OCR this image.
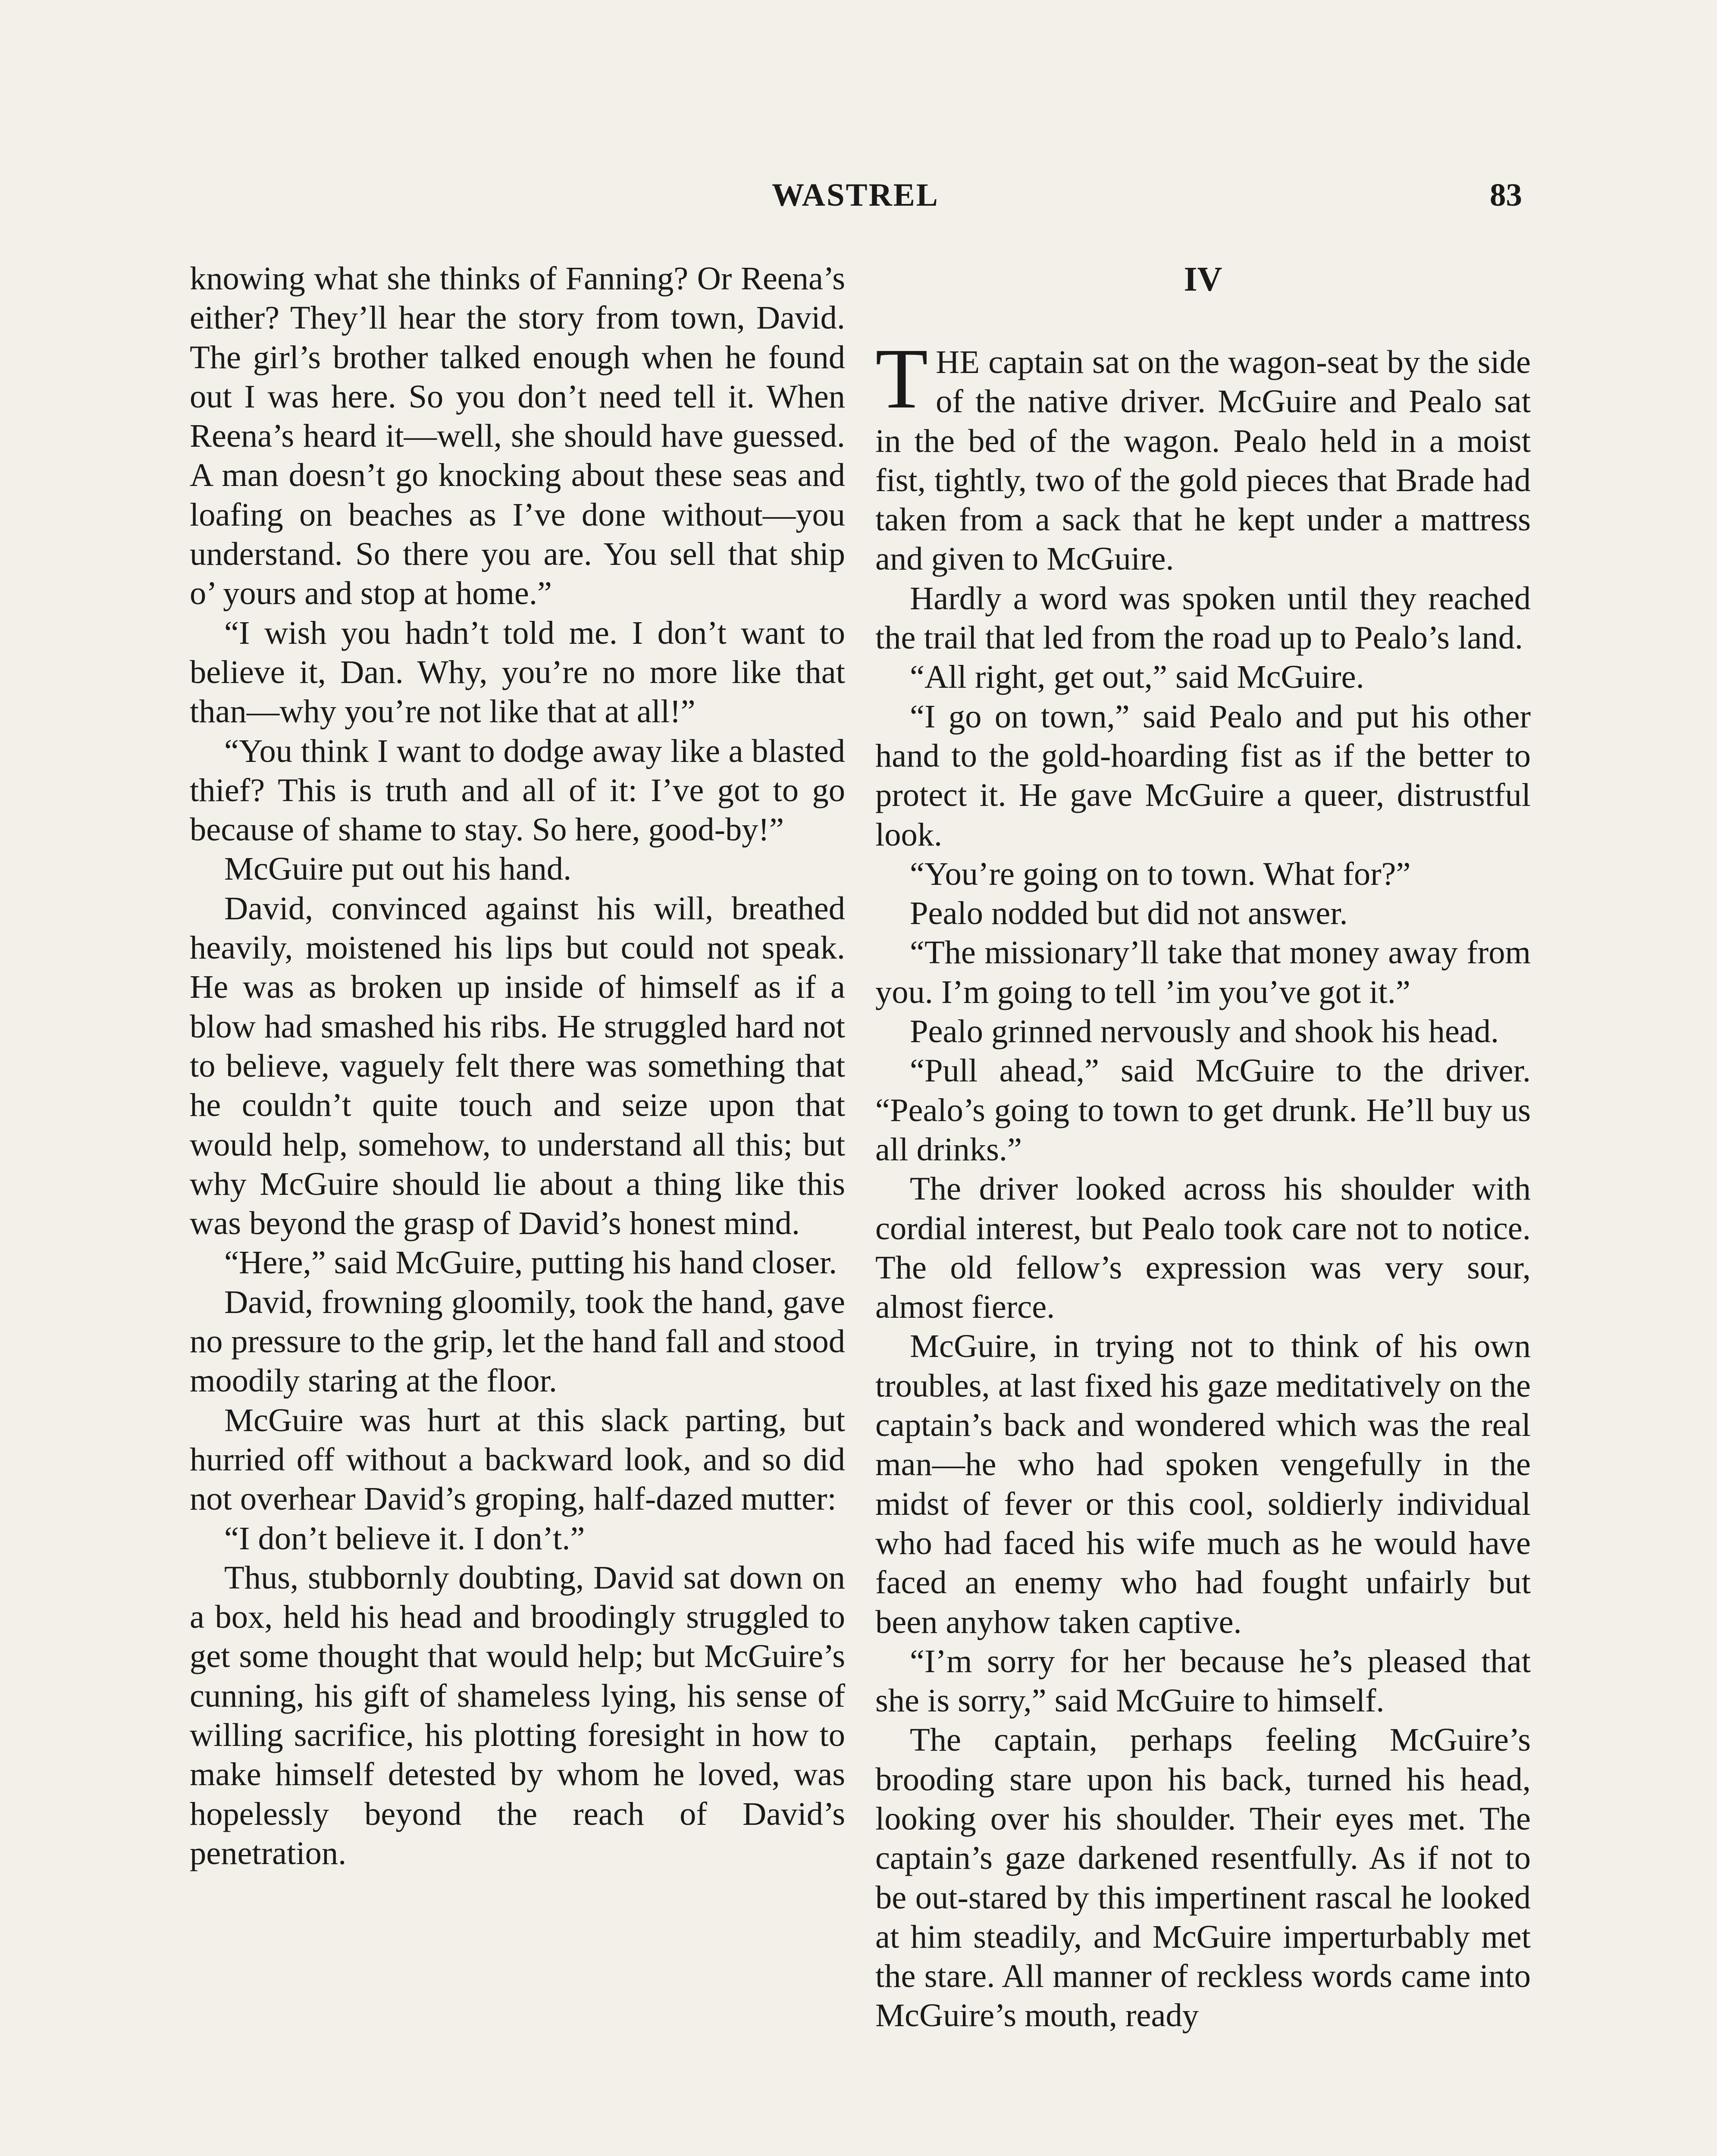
WASTREL	83

knowing what she thinks of Fanning? Or Reena’s either? They’ll hear the story from town, David. The girl’s brother talked enough when he found out I was here. So you don’t need tell it. When Reena’s heard it—well, she should have guessed. A man doesn’t go knocking about these seas and loafing on beaches as I’ve done without—you understand. So there you are. You sell that ship o’ yours and stop at home.”

“I wish you hadn’t told me. I don’t want to believe it, Dan. Why, you’re no more like that than—why you’re not like that at all!”

“You think I want to dodge away like a blasted thief? This is truth and all of it: I’ve got to go because of shame to stay. So here, good-by!”

McGuire put out his hand.

David, convinced against his will, breathed heavily, moistened his lips but could not speak. He was as broken up inside of himself as if a blow had smashed his ribs. He struggled hard not to believe, vaguely felt there was something that he couldn’t quite touch and seize upon that would help, somehow, to understand all this; but why McGuire should lie about a thing like this was beyond the grasp of David’s honest mind.

“Here,” said McGuire, putting his hand closer.

David, frowning gloomily, took the hand, gave no pressure to the grip, let the hand fall and stood moodily staring at the floor.

McGuire was hurt at this slack parting, but hurried off without a backward look, and so did not overhear David’s groping, half-dazed mutter:

“I don’t believe it. I don’t.”

Thus, stubbornly doubting, David sat down on a box, held his head and broodingly struggled to get some thought that would help; but McGuire’s cunning, his gift of shameless lying, his sense of willing sacrifice, his plotting foresight in how to make himself detested by whom he loved, was hopelessly beyond the reach of David’s penetration.

IV

THE captain sat on the wagon-seat by the side of the native driver. McGuire and Pealo sat in the bed of the wagon. Pealo held in a moist fist, tightly, two of the gold pieces that Brade had taken from a sack that he kept under a mattress and given to McGuire.

Hardly a word was spoken until they reached the trail that led from the road up to Pealo’s land.

“All right, get out,” said McGuire.

“I go on town,” said Pealo and put his other hand to the gold-hoarding fist as if the better to protect it. He gave McGuire a queer, distrustful look.

“You’re going on to town. What for?”

Pealo nodded but did not answer.

“The missionary’ll take that money away from you. I’m going to tell ’im you’ve got it.”

Pealo grinned nervously and shook his head.

“Pull ahead,” said McGuire to the driver. “Pealo’s going to town to get drunk. He’ll buy us all drinks.”

The driver looked across his shoulder with cordial interest, but Pealo took care not to notice. The old fellow’s expression was very sour, almost fierce.

McGuire, in trying not to think of his own troubles, at last fixed his gaze meditatively on the captain’s back and wondered which was the real man—he who had spoken vengefully in the midst of fever or this cool, soldierly individual who had faced his wife much as he would have faced an enemy who had fought unfairly but been anyhow taken captive.

“I’m sorry for her because he’s pleased that she is sorry,” said McGuire to himself.

The captain, perhaps feeling McGuire’s brooding stare upon his back, turned his head, looking over his shoulder. Their eyes met. The captain’s gaze darkened resentfully. As if not to be out-stared by this impertinent rascal he looked at him steadily, and McGuire imperturbably met the stare. All manner of reckless words came into McGuire’s mouth, ready
